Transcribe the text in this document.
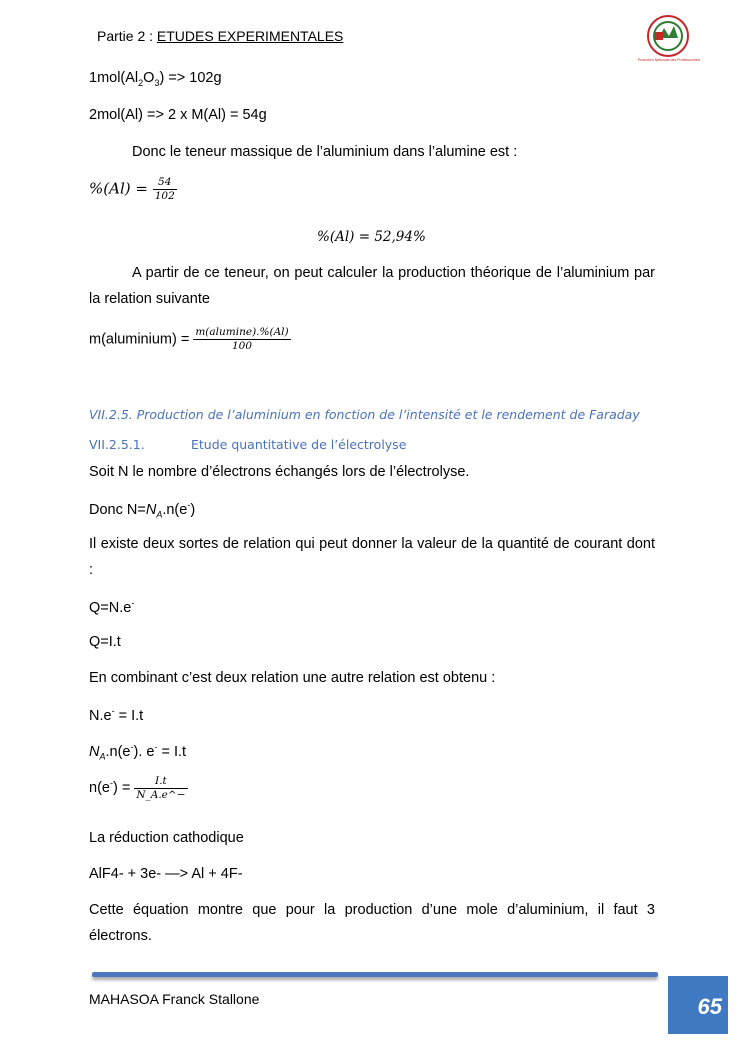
Partie 2 : ETUDES EXPERIMENTALES
Promotion Nationale des Professionnels
$1mol(Al_2O_3) => 102g$
2mol(Al) => 2 x M(Al) = 54g
Donc le teneur massique de l’aluminium dans l’alumine est :
$\%(Al) = \frac{54}{102}$
%(Al) = 52,94%
A partir de ce teneur, on peut calculer la production théorique de l’aluminium par la relation suivante
m(aluminium) = $\frac{\text{m(alumine).\%(Al)}}{100}$
VII.2.5. Production de l’aluminium en fonction de l’intensité et le rendement de Faraday
VII.2.5.1.	Etude quantitative de l’électrolyse
Soit N le nombre d’électrons échangés lors de l’électrolyse.
Donc $N=N_A.n(e^-)$
Il existe deux sortes de relation qui peut donner la valeur de la quantité de courant dont :
Q=N.e-
Q=I.t
En combinant c’est deux relation une autre relation est obtenu :
N.e- = I.t
$N_A.n(e^-)$. e- = I.t
$n(e^-) = \frac{I.t}{N\_A.e\^{}-}$
La réduction cathodique
AlF4- + 3e- —> Al + 4F-
Cette équation montre que pour la production d’une mole d’aluminium, il faut 3 électrons.
MAHASOA Franck Stallone	65
